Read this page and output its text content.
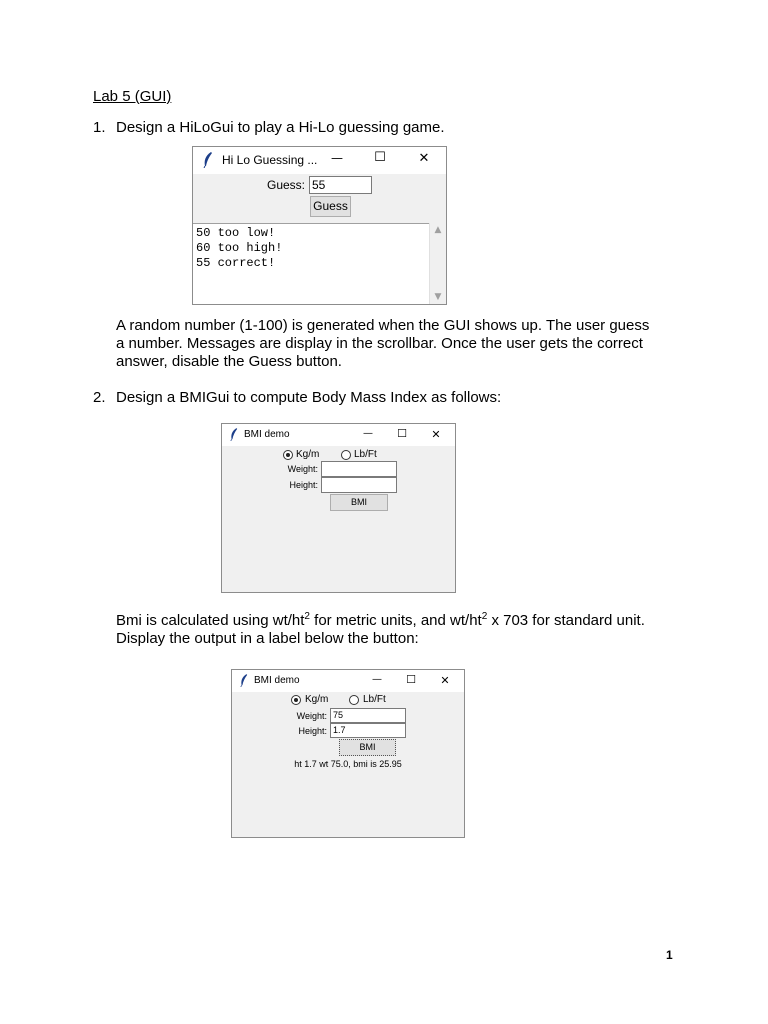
Lab 5 (GUI)
1. Design a HiLoGui to play a Hi-Lo guessing game.
Hi Lo Guessing ...	—	☐	✕
Guess: 55
Guess
50 too low!
60 too high!
55 correct!
▲
▼
A random number (1-100) is generated when the GUI shows up. The user guess
a number. Messages are display in the scrollbar. Once the user gets the correct
answer, disable the Guess button.
2. Design a BMIGui to compute Body Mass Index as follows:
BMI demo	—	☐	✕
Kg/m	Lb/Ft
Weight:
Height:
BMI
Bmi is calculated using $wt/ht^2$ for metric units, and $wt/ht^2$ x 703 for standard unit.
Display the output in a label below the button:
BMI demo	—	☐	✕
Kg/m	Lb/Ft
Weight: 75
Height: 1.7
BMI
ht 1.7 wt 75.0, bmi is 25.95
1
